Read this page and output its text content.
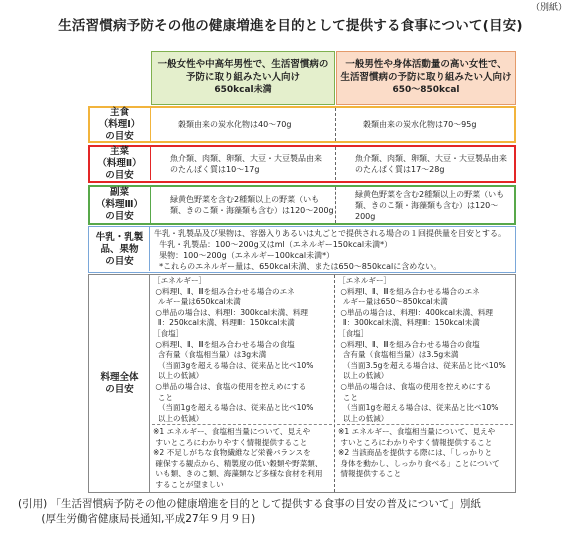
（別紙）
生活習慣病予防その他の健康増進を目的として提供する食事について(目安)
一般女性や中高年男性で、生活習慣病の
予防に取り組みたい人向け
650kcal未満
一般男性や身体活動量の高い女性で、
生活習慣病の予防に取り組みたい人向け
650～850kcal
主食
（料理Ⅰ）
の目安
穀類由来の炭水化物は40～70g	穀類由来の炭水化物は70～95g
主菜
（料理Ⅱ）
の目安
魚介類、肉類、卵類、大豆・大豆製品由来
のたんぱく質は10～17g
魚介類、肉類、卵類、大豆・大豆製品由来
のたんぱく質は17～28g
副菜
（料理Ⅲ）
の目安
緑黄色野菜を含む2種類以上の野菜（いも
類、きのこ類・海藻類も含む）は120～200g
緑黄色野菜を含む2種類以上の野菜（いも
類、きのこ類・海藻類も含む）は120～200g
牛乳・乳製
品、果物
の目安
牛乳・乳製品及び果物は、容器入りあるいは丸ごとで提供される場合の１回提供量を目安とする。
牛乳・乳製品：100～200g又はml（エネルギー150kcal未満*）
果物：100～200g（エネルギー100kcal未満*）
*これらのエネルギー量は、650kcal未満、または650～850kcalに含めない。
料理全体
の目安
［エネルギー］
○料理Ⅰ、Ⅱ、Ⅲを組み合わせる場合のエネ
ルギー量は650kcal未満
○単品の場合は、料理Ⅰ：300kcal未満、料理
Ⅱ：250kcal未満、料理Ⅲ：150kcal未満
［食塩］
○料理Ⅰ、Ⅱ、Ⅲを組み合わせる場合の食塩
含有量（食塩相当量）は3g未満
（当面3gを超える場合は、従来品と比べ10%
以上の低減）
○単品の場合は、食塩の使用を控えめにする
こと
（当面1gを超える場合は、従来品と比べ10%
以上の低減）
［エネルギー］
○料理Ⅰ、Ⅱ、Ⅲを組み合わせる場合のエネ
ルギー量は650～850kcal未満
○単品の場合は、料理Ⅰ：400kcal未満、料理
Ⅱ：300kcal未満、料理Ⅲ：150kcal未満
［食塩］
○料理Ⅰ、Ⅱ、Ⅲを組み合わせる場合の食塩
含有量（食塩相当量）は3.5g未満
（当面3.5gを超える場合は、従来品と比べ10%
以上の低減）
○単品の場合は、食塩の使用を控えめにする
こと
（当面1gを超える場合は、従来品と比べ10%
以上の低減）
※1 エネルギー、食塩相当量について、見えや
すいところにわかりやすく情報提供すること
※2 不足しがちな食物繊維など栄養バランスを
確保する観点から、精製度の低い穀類や野菜類、
いも類、きのこ類、海藻類など多様な食材を利用
することが望ましい
※1 エネルギー、食塩相当量について、見えや
すいところにわかりやすく情報提供すること
※2 当該商品を提供する際には、「しっかりと
身体を動かし、しっかり食べる」ことについて
情報提供すること
(引用) 「生活習慣病予防その他の健康増進を目的として提供する食事の目安の普及について」別紙
(厚生労働省健康局長通知,平成27年９月９日)
